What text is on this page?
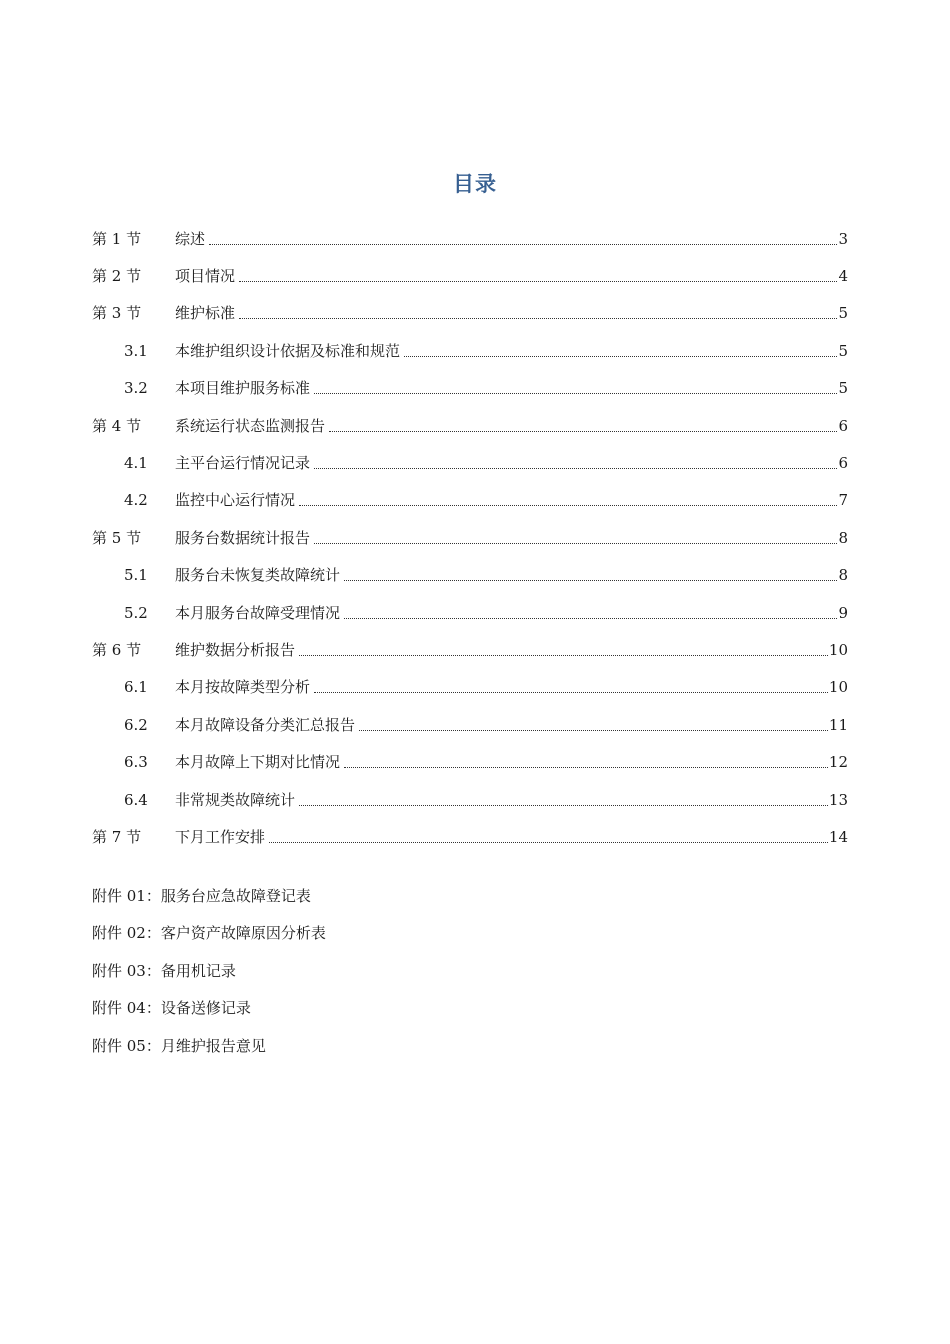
目录
第 1 节	综述	3
第 2 节	项目情况	4
第 3 节	维护标准	5
3.1	本维护组织设计依据及标准和规范	5
3.2	本项目维护服务标准	5
第 4 节	系统运行状态监测报告	6
4.1	主平台运行情况记录	6
4.2	监控中心运行情况	7
第 5 节	服务台数据统计报告	8
5.1	服务台未恢复类故障统计	8
5.2	本月服务台故障受理情况	9
第 6 节	维护数据分析报告	10
6.1	本月按故障类型分析	10
6.2	本月故障设备分类汇总报告	11
6.3	本月故障上下期对比情况	12
6.4	非常规类故障统计	13
第 7 节	下月工作安排	14
附件 01：服务台应急故障登记表
附件 02：客户资产故障原因分析表
附件 03：备用机记录
附件 04：设备送修记录
附件 05：月维护报告意见
